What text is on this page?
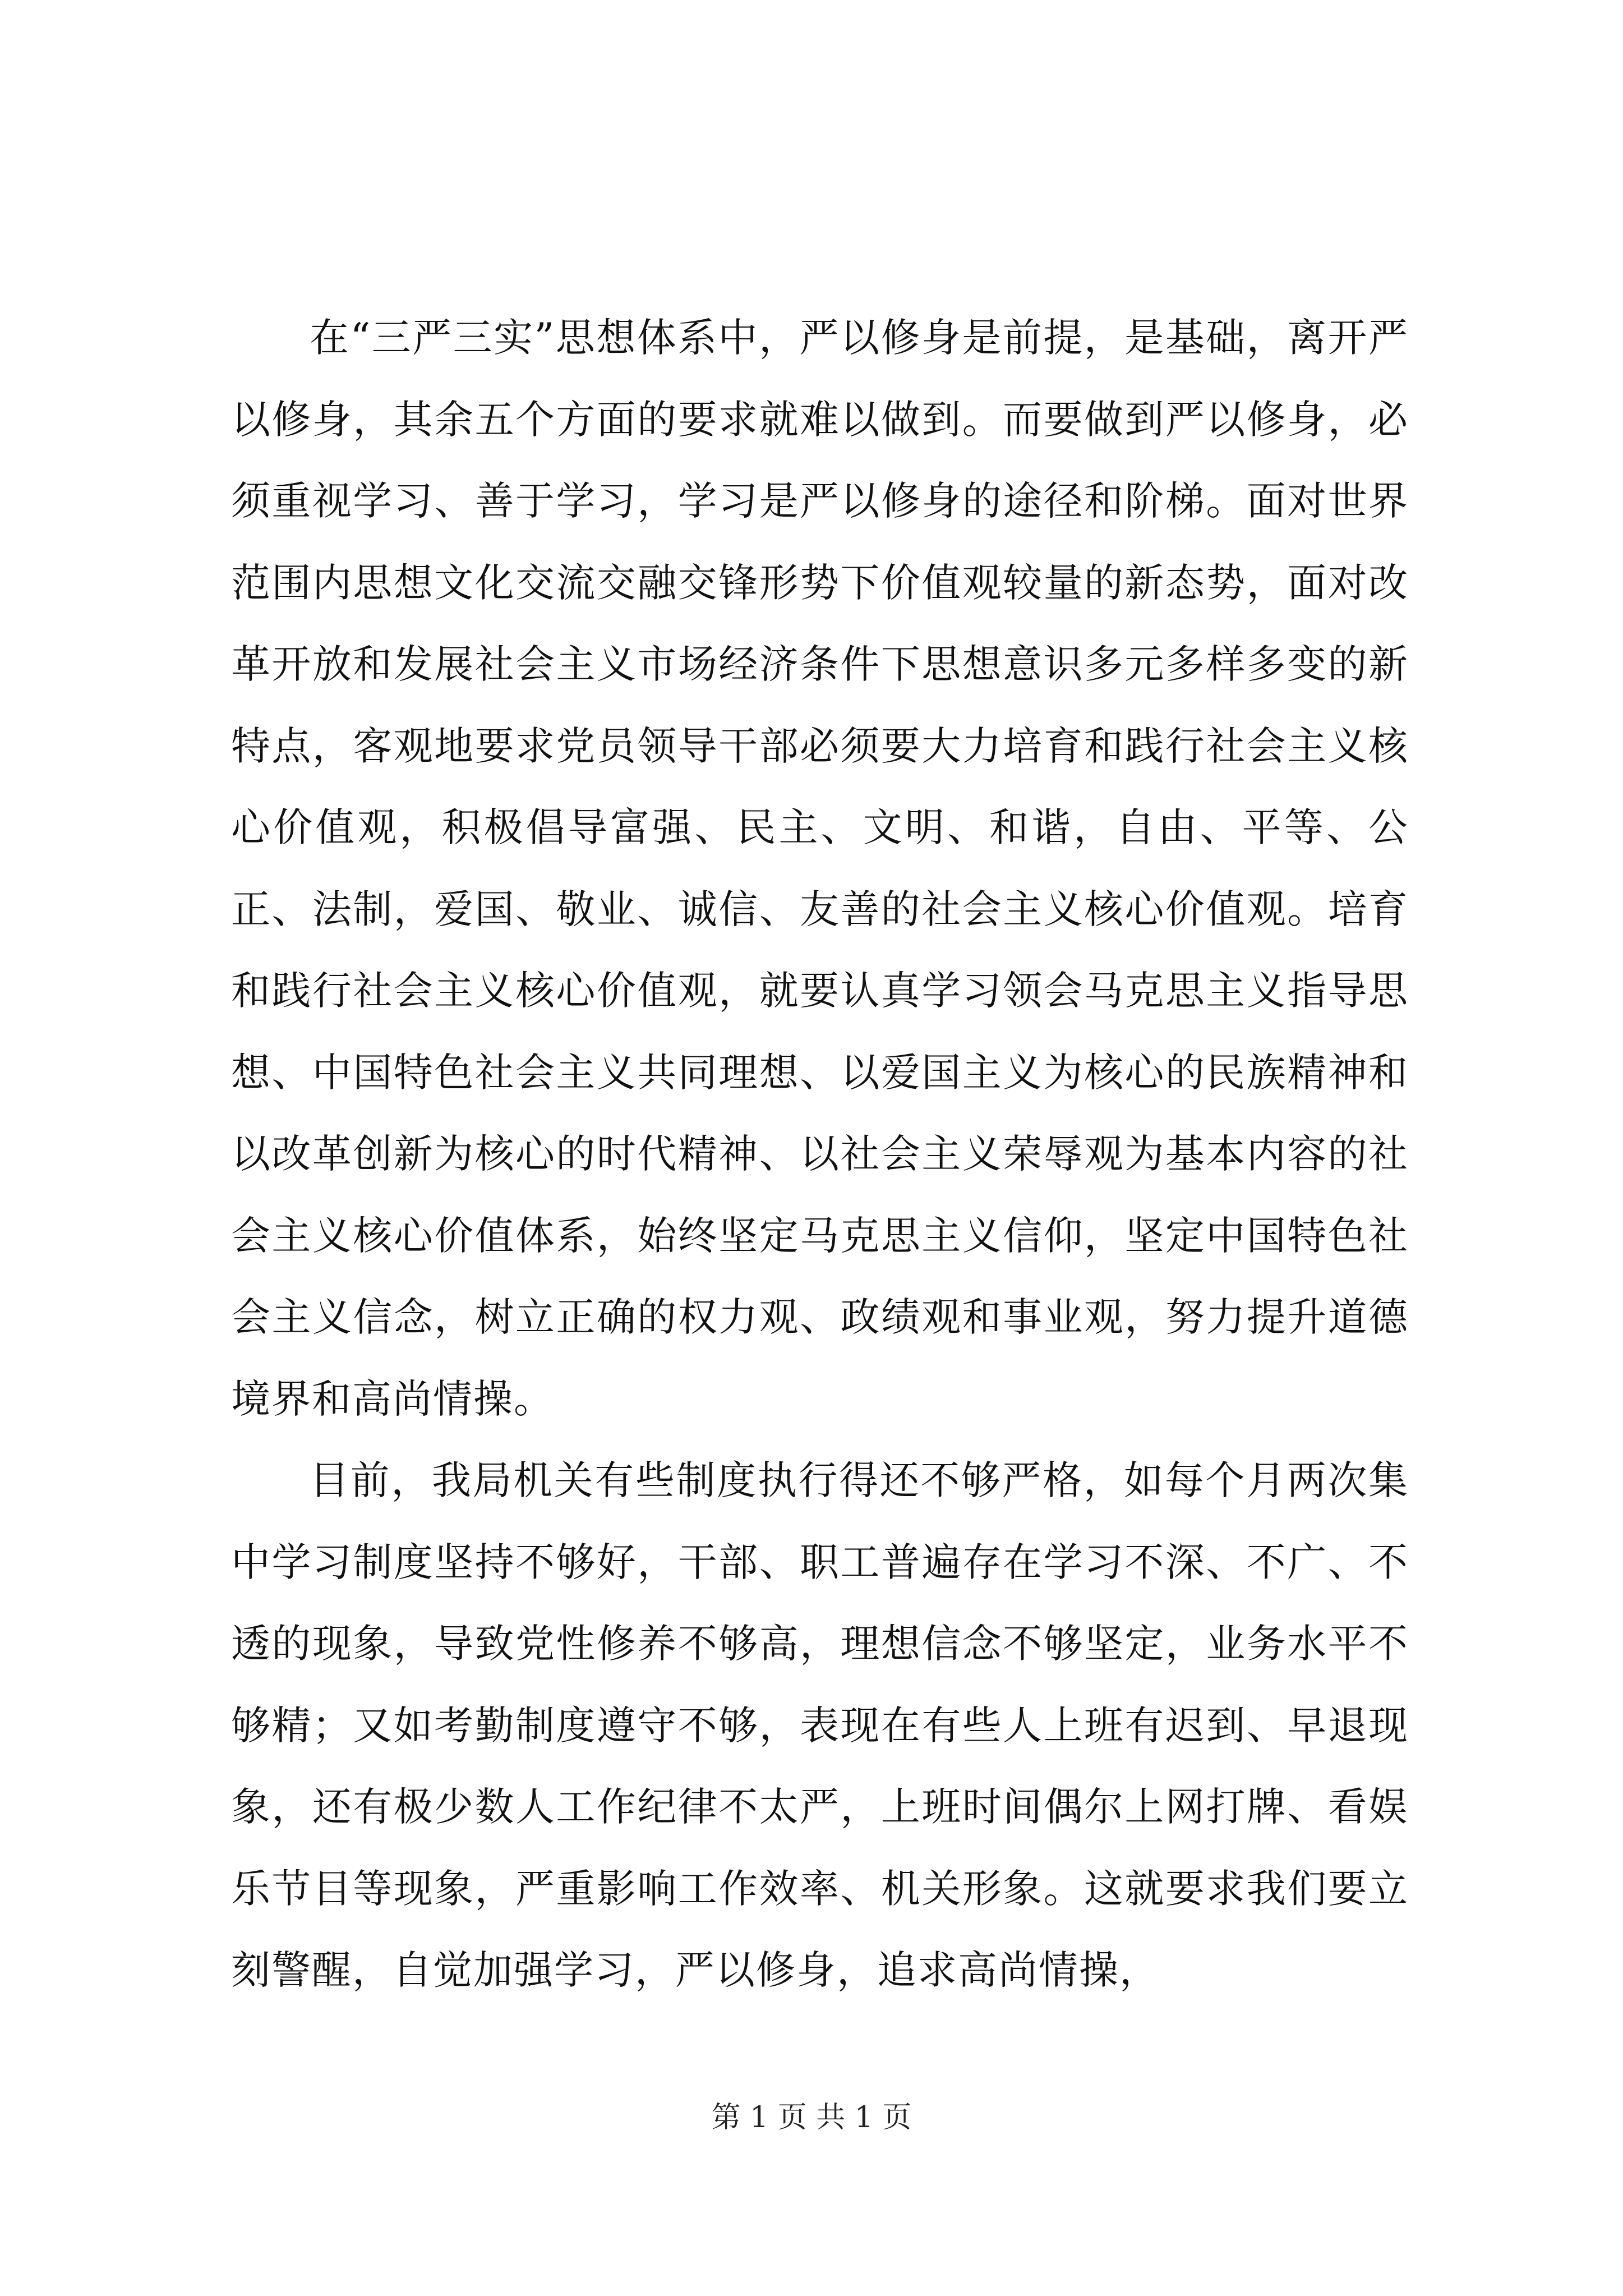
在“三严三实”思想体系中，严以修身是前提，是基础，离开严以修身，其余五个方面的要求就难以做到。而要做到严以修身，必须重视学习、善于学习，学习是严以修身的途径和阶梯。面对世界范围内思想文化交流交融交锋形势下价值观较量的新态势，面对改革开放和发展社会主义市场经济条件下思想意识多元多样多变的新特点，客观地要求党员领导干部必须要大力培育和践行社会主义核心价值观，积极倡导富强、民主、文明、和谐，自由、平等、公正、法制，爱国、敬业、诚信、友善的社会主义核心价值观。培育和践行社会主义核心价值观，就要认真学习领会马克思主义指导思想、中国特色社会主义共同理想、以爱国主义为核心的民族精神和以改革创新为核心的时代精神、以社会主义荣辱观为基本内容的社会主义核心价值体系，始终坚定马克思主义信仰，坚定中国特色社会主义信念，树立正确的权力观、政绩观和事业观，努力提升道德境界和高尚情操。

目前，我局机关有些制度执行得还不够严格，如每个月两次集中学习制度坚持不够好，干部、职工普遍存在学习不深、不广、不透的现象，导致党性修养不够高，理想信念不够坚定，业务水平不够精；又如考勤制度遵守不够，表现在有些人上班有迟到、早退现象，还有极少数人工作纪律不太严，上班时间偶尔上网打牌、看娱乐节目等现象，严重影响工作效率、机关形象。这就要求我们要立刻警醒，自觉加强学习，严以修身，追求高尚情操，

第 1 页 共 1 页
